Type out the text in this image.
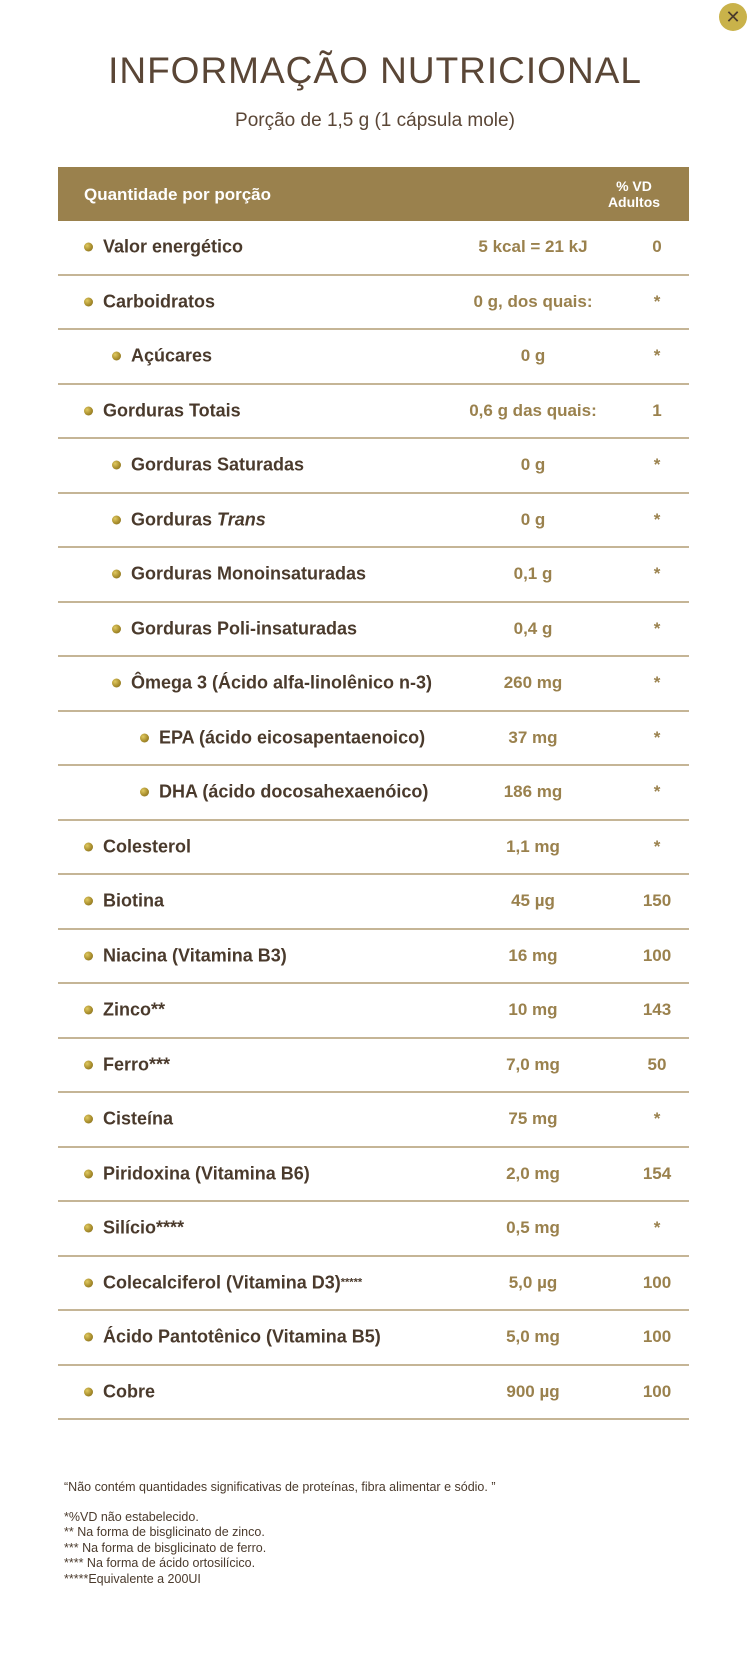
✕
INFORMAÇÃO NUTRICIONAL
Porção de 1,5 g (1 cápsula mole)
Quantidade por porção	% VD
Adultos
Valor energético	5 kcal = 21 kJ	0
Carboidratos	0 g, dos quais:	*
Açúcares	0 g	*
Gorduras Totais	0,6 g das quais:	1
Gorduras Saturadas	0 g	*
Gorduras Trans	0 g	*
Gorduras Monoinsaturadas	0,1 g	*
Gorduras Poli-insaturadas	0,4 g	*
Ômega 3 (Ácido alfa-linolênico n-3)	260 mg	*
EPA (ácido eicosapentaenoico)	37 mg	*
DHA (ácido docosahexaenóico)	186 mg	*
Colesterol	1,1 mg	*
Biotina	45 µg	150
Niacina (Vitamina B3)	16 mg	100
Zinco**	10 mg	143
Ferro***	7,0 mg	50
Cisteína	75 mg	*
Piridoxina (Vitamina B6)	2,0 mg	154
Silício****	0,5 mg	*
Colecalciferol (Vitamina D3) *****	5,0 µg	100
Ácido Pantotênico (Vitamina B5)	5,0 mg	100
Cobre	900 µg	100
“Não contém quantidades significativas de proteínas, fibra alimentar e sódio. ”
*%VD não estabelecido.
** Na forma de bisglicinato de zinco.
*** Na forma de bisglicinato de ferro.
**** Na forma de ácido ortosilícico.
*****Equivalente a 200UI
